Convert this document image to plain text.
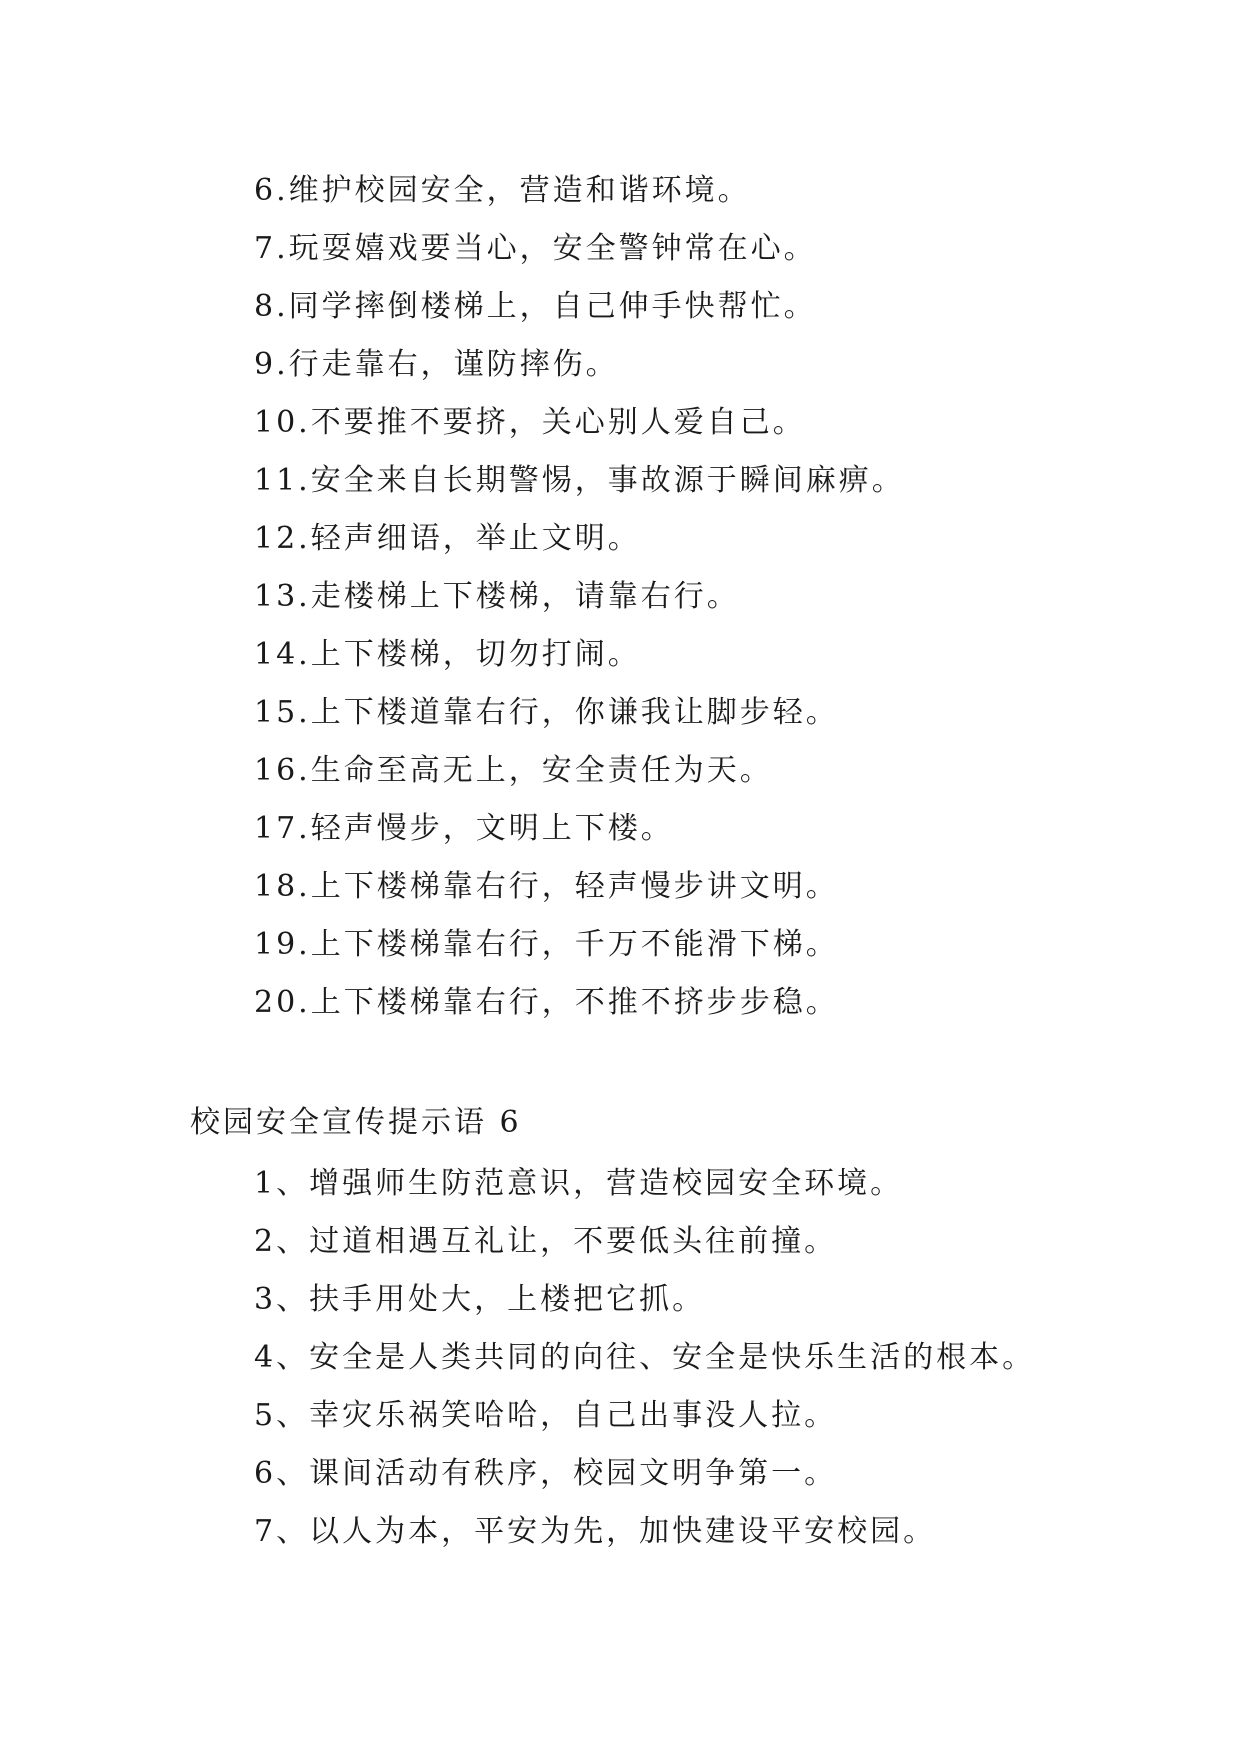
6.维护校园安全，营造和谐环境。
7.玩耍嬉戏要当心，安全警钟常在心。
8.同学摔倒楼梯上，自己伸手快帮忙。
9.行走靠右，谨防摔伤。
10.不要推不要挤，关心别人爱自己。
11.安全来自长期警惕，事故源于瞬间麻痹。
12.轻声细语，举止文明。
13.走楼梯上下楼梯，请靠右行。
14.上下楼梯，切勿打闹。
15.上下楼道靠右行，你谦我让脚步轻。
16.生命至高无上，安全责任为天。
17.轻声慢步，文明上下楼。
18.上下楼梯靠右行，轻声慢步讲文明。
19.上下楼梯靠右行，千万不能滑下梯。
20.上下楼梯靠右行，不推不挤步步稳。
校园安全宣传提示语 6
1、增强师生防范意识，营造校园安全环境。
2、过道相遇互礼让，不要低头往前撞。
3、扶手用处大，上楼把它抓。
4、安全是人类共同的向往、安全是快乐生活的根本。
5、幸灾乐祸笑哈哈，自己出事没人拉。
6、课间活动有秩序，校园文明争第一。
7、以人为本，平安为先，加快建设平安校园。
